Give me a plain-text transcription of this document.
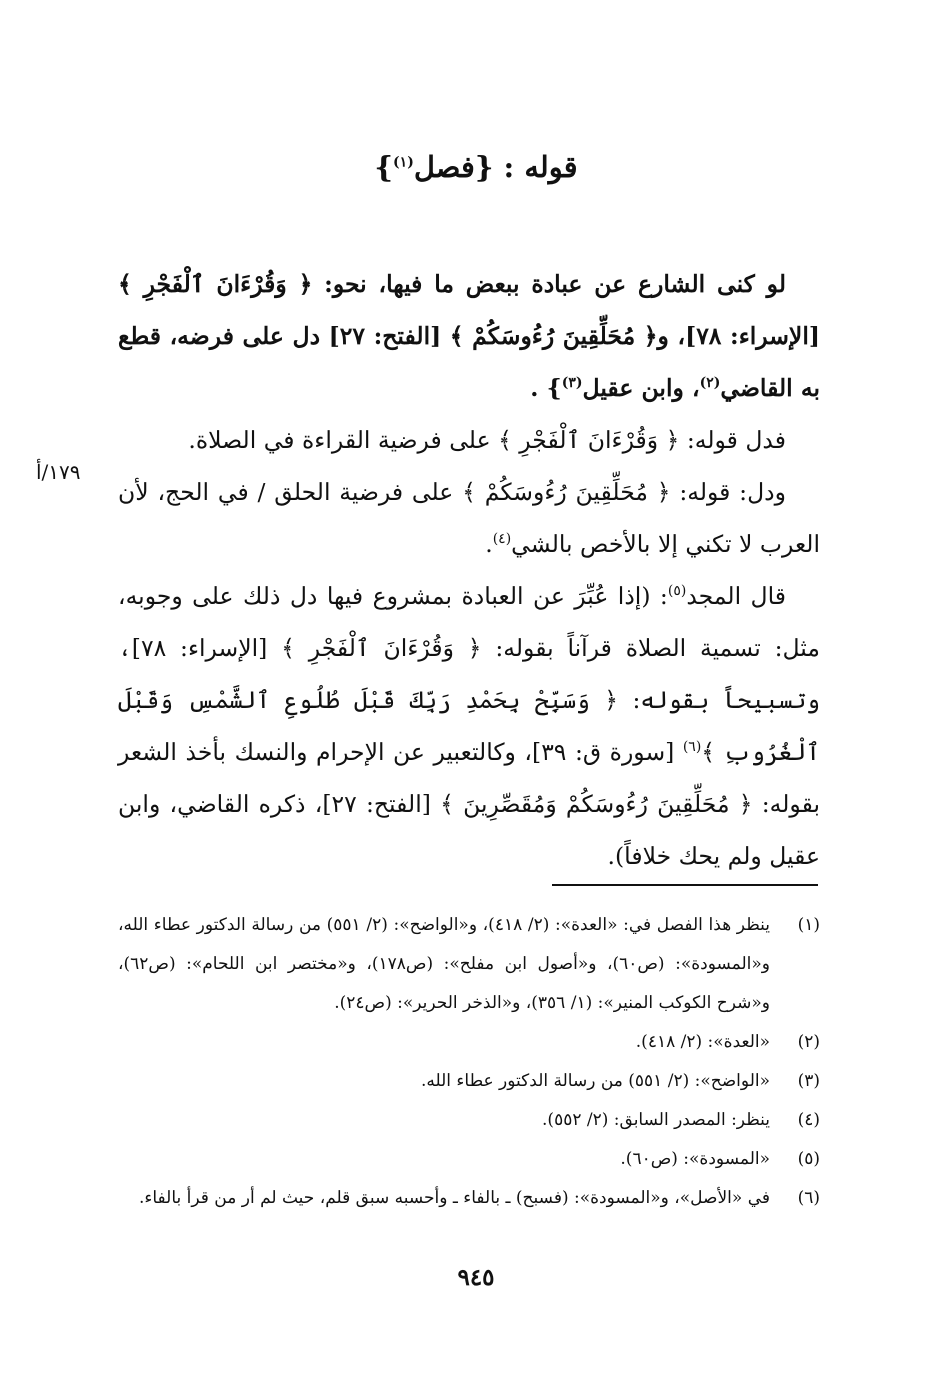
قوله : {فصل$^{(١)}$}

لو كنى الشارع عن عبادة ببعض ما فيها، نحو: ﴿ وَقُرْءَانَ ٱلْفَجْرِ ﴾ [الإسراء: ٧٨]، و﴿ مُحَلِّقِينَ رُءُوسَكُمْ ﴾ [الفتح: ٢٧] دل على فرضه، قطع به القاضي$^{(٢)}$، وابن عقيل$^{(٣)}$} .

فدل قوله: ﴿ وَقُرْءَانَ ٱلْفَجْرِ ﴾ على فرضية القراءة في الصلاة.

ودل: قوله: ﴿ مُحَلِّقِينَ رُءُوسَكُمْ ﴾ على فرضية الحلق / في الحج، لأن العرب لا تكني إلا بالأخص بالشي$^{(٤)}$.

قال المجد$^{(٥)}$: (إذا عُبِّرَ عن العبادة بمشروع فيها دل ذلك على وجوبه، مثل: تسمية الصلاة قرآناً بقوله: ﴿ وَقُرْءَانَ ٱلْفَجْرِ ﴾ [الإسراء: ٧٨]، وتسبيحاً بقوله: ﴿ وَسَبِّحْ بِحَمْدِ رَبِّكَ قَبْلَ طُلُوعِ ٱلشَّمْسِ وَقَبْلَ ٱلْغُرُوبِ ﴾$^{(٦)}$ [سورة ق: ٣٩]، وكالتعبير عن الإحرام والنسك بأخذ الشعر بقوله: ﴿ مُحَلِّقِينَ رُءُوسَكُمْ وَمُقَصِّرِينَ ﴾ [الفتح: ٢٧]، ذكره القاضي، وابن عقيل ولم يحك خلافاً).

١٧٩/أ
(١)
ينظر هذا الفصل في: «العدة»: (٢/ ٤١٨)، و«الواضح»: (٢/ ٥٥١) من رسالة الدكتور عطاء الله، و«المسودة»: (ص٦٠)، و«أصول ابن مفلح»: (ص١٧٨)، و«مختصر ابن اللحام»: (ص٦٢)، و«شرح الكوكب المنير»: (١/ ٣٥٦)، و«الذخر الحرير»: (ص٢٤).
(٢)
«العدة»: (٢/ ٤١٨).
(٣)
«الواضح»: (٢/ ٥٥١) من رسالة الدكتور عطاء الله.
(٤)
ينظر: المصدر السابق: (٢/ ٥٥٢).
(٥)
«المسودة»: (ص٦٠).
(٦)
في «الأصل»، و«المسودة»: (فسبح) ـ بالفاء ـ وأحسبه سبق قلم، حيث لم أر من قرأ بالفاء.
٩٤٥
